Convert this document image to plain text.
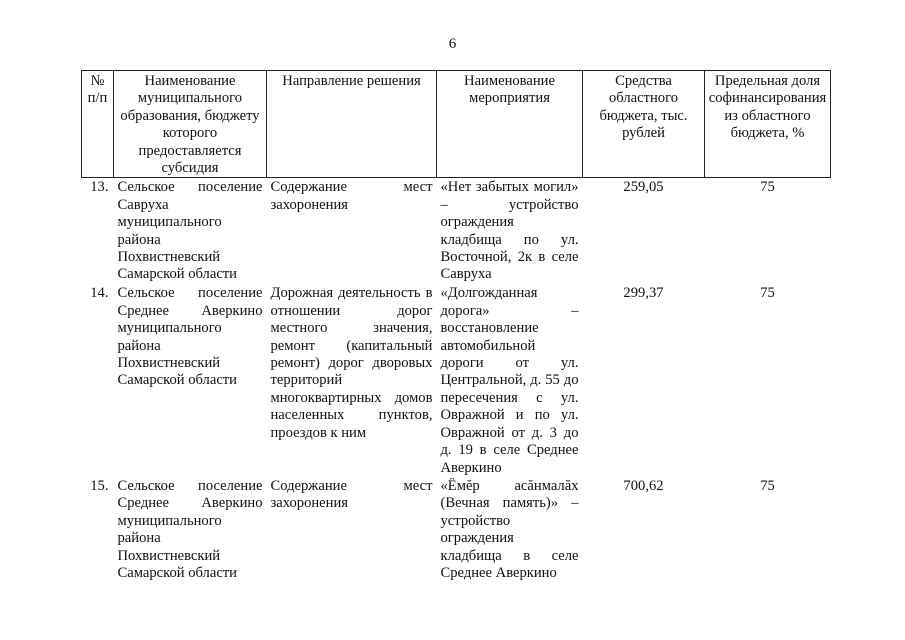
6
№ п/п	Наименование муниципального образования, бюджету которого предоставляется субсидия	Направление решения	Наименование мероприятия	Средства областного бюджета, тыс. рублей	Предельная доля софинансирования из областного бюджета, %
13.	Сельское поселение Савруха муниципального района Похвистневский Самарской области	Содержание мест захоронения	«Нет забытых могил» – устройство ограждения кладбища по ул. Восточной, 2к в селе Савруха	259,05	75
14.	Сельское поселение Среднее Аверкино муниципального района Похвистневский Самарской области	Дорожная деятельность в отношении дорог местного значения, ремонт (капитальный ремонт) дорог дворовых территорий многоквартирных домов населенных пунктов, проездов к ним	«Долгожданная дорога» – восстановление автомобильной дороги от ул. Центральной, д. 55 до пересечения с ул. Овражной и по ул. Овражной от д. 3 до д. 19 в селе Среднее Аверкино	299,37	75
15.	Сельское поселение Среднее Аверкино муниципального района Похвистневский Самарской области	Содержание мест захоронения	«Ёмĕр асăнмалăх (Вечная память)» – устройство ограждения кладбища в селе Среднее Аверкино	700,62	75
